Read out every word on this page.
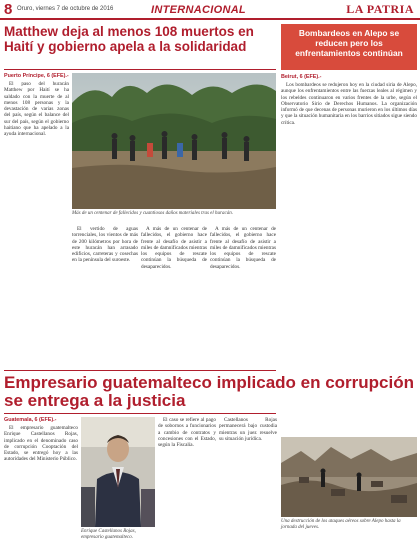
8 Oruro, viernes 7 de octubre de 2016	INTERNACIONAL	LA PATRIA
Matthew deja al menos 108 muertos en Haití y gobierno apela a la solidaridad
Puerto Príncipe, 6 (EFE).-

El paso del huracán Matthew por Haití se ha saldado con la muerte de al menos 108 personas y la devastación de varias zonas del país, según el balance del sur del país, según el gobierno haitiano que ha apelado a la ayuda internacional.

Más de un centenar de fallecidos y cuantiosos daños materiales tras el huracán.

El vertido de aguas torrenciales, los vientos de más de 200 kilómetros por hora de este huracán han arrasado edificios, carreteras y cosechas en la península del suroeste.

A más de un centenar de fallecidos, el gobierno hace frente al desafío de asistir a miles de damnificados mientras los equipos de rescate continúan la búsqueda de desaparecidos.

A más de un centenar de fallecidos, el gobierno hace frente al desafío de asistir a miles de damnificados mientras los equipos de rescate continúan la búsqueda de desaparecidos.

Bombardeos en Alepo se reducen pero los enfrentamientos continúan
Beirut, 6 (EFE).-

Los bombardeos se redujeron hoy en la ciudad siria de Alepo, aunque los enfrentamientos entre las fuerzas leales al régimen y los rebeldes continuaron en varios frentes de la urbe, según el Observatorio Sirio de Derechos Humanos. La organización informó de que decenas de personas murieron en los últimos días y que la situación humanitaria en los barrios sitiados sigue siendo crítica.

Una destrucción de los ataques aéreos sobre Alepo hasta la jornada del jueves.
Empresario guatemalteco implicado en corrupción se entrega a la justicia
Guatemala, 6 (EFE).-

El empresario guatemalteco Enrique Castellanos Rojas, implicado en el denominado caso de corrupción Cooptación del Estado, se entregó hoy a las autoridades del Ministerio Público.

Enrique Castellanos Rojas, empresario guatemalteco.

El caso se refiere al pago de sobornos a funcionarios a cambio de contratos y concesiones con el Estado, según la Fiscalía.

Castellanos Rojas permanecerá bajo custodia mientras un juez resuelve su situación jurídica.
